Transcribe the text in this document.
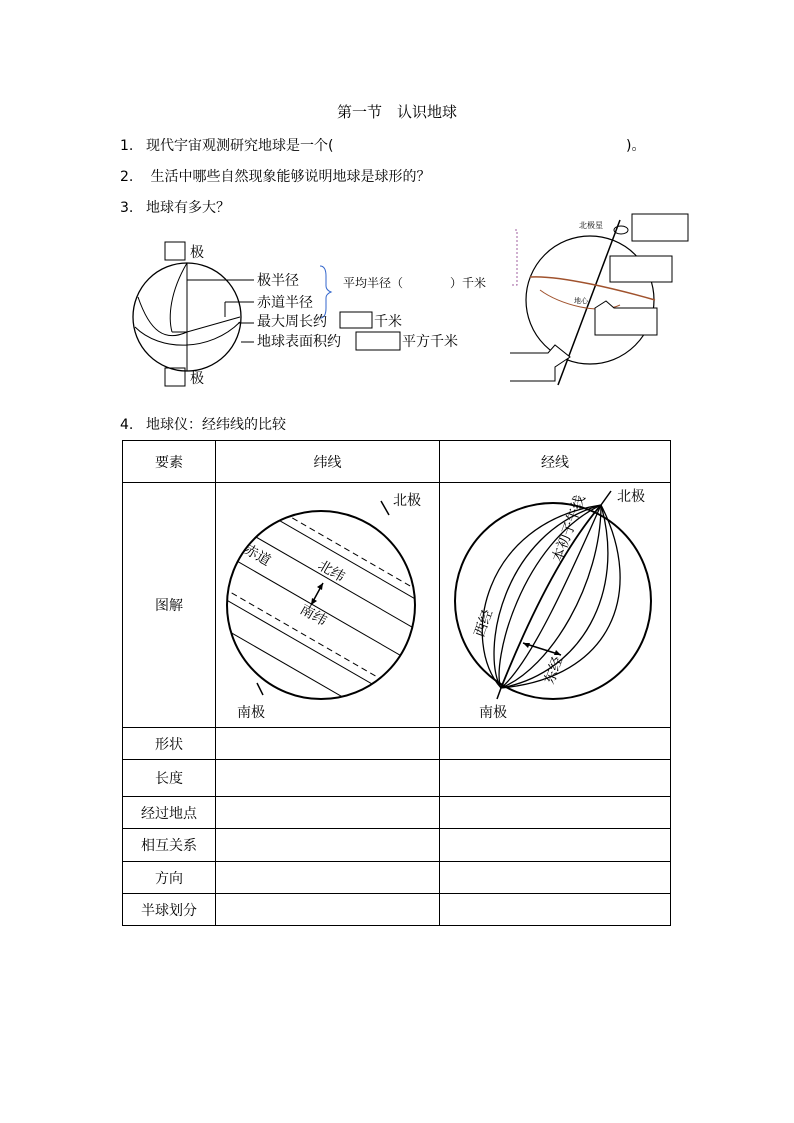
第一节　认识地球
1. 现代宇宙观测研究地球是一个(	)。
2. 生活中哪些自然现象能够说明地球是球形的？
3. 地球有多大？
极
极半径
赤道半径
平均半径（	）千米
最大周长约	千米
地球表面积约	平方千米
极
北极星
地心
4. 地球仪：经纬线的比较
要素	纬线	经线
图解	北极
南极
赤道
北纬
南纬	北极
南极
本初子午线
西经
东经

形状		
长度		
经过地点		
相互关系		
方向		
半球划分		
